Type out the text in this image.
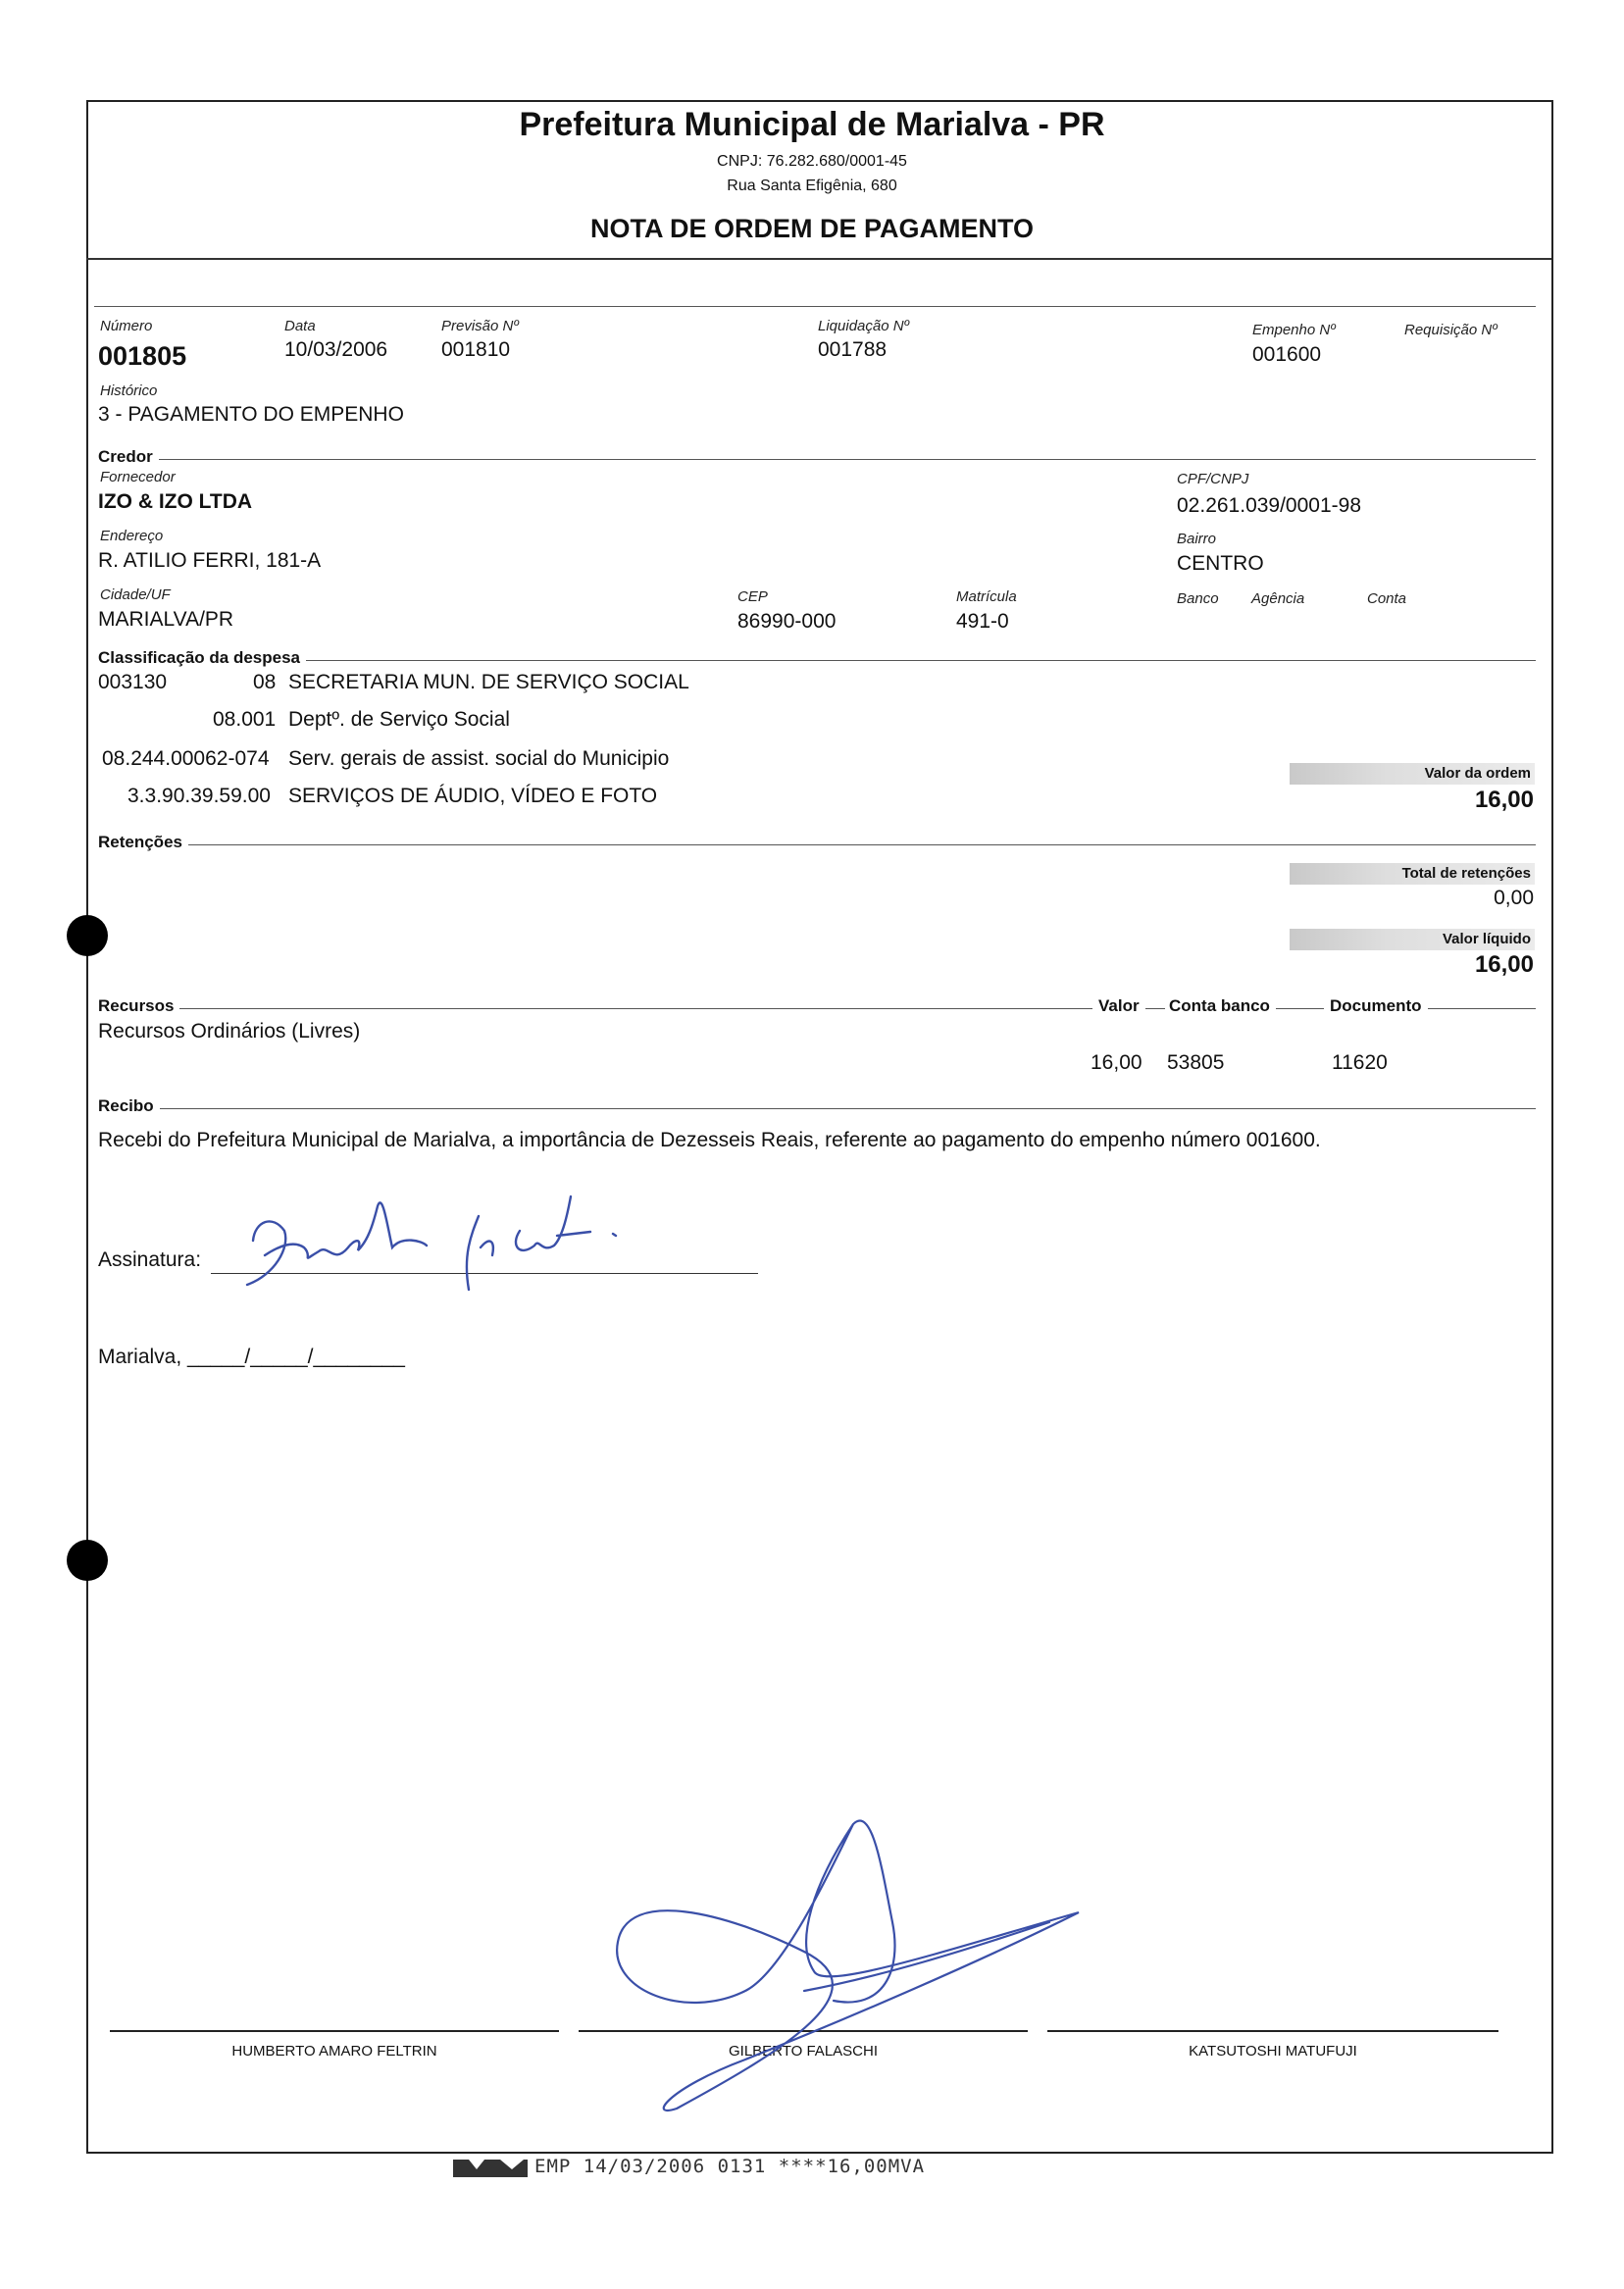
Prefeitura Municipal de Marialva - PR
CNPJ: 76.282.680/0001-45
Rua Santa Efigênia, 680
NOTA DE ORDEM DE PAGAMENTO
Número
001805
Data
10/03/2006
Previsão Nº
001810
Liquidação Nº
001788
Empenho Nº
001600
Requisição Nº
Histórico
3 - PAGAMENTO DO EMPENHO
Credor
Fornecedor
IZO & IZO LTDA
CPF/CNPJ
02.261.039/0001-98
Endereço
R. ATILIO FERRI, 181-A
Bairro
CENTRO
Cidade/UF
MARIALVA/PR
CEP
86990-000
Matrícula
491-0
Banco Agência	Conta
Classificação da despesa
003130	08 SECRETARIA MUN. DE SERVIÇO SOCIAL
08.001 Deptº. de Serviço Social
08.244.00062-074 Serv. gerais de assist. social do Municipio
3.3.90.39.59.00 SERVIÇOS DE ÁUDIO, VÍDEO E FOTO
Valor da ordem
16,00
Retenções
Total de retenções
0,00
Valor líquido
16,00
Recursos	Valor	Conta banco	Documento
Recursos Ordinários (Livres)
16,00 53805	11620
Recibo
Recebi do Prefeitura Municipal de Marialva, a importância de Dezesseis Reais, referente ao pagamento do empenho número 001600.
Assinatura:
Marialva, _____/_____/________
HUMBERTO AMARO FELTRIN	GILBERTO FALASCHI	KATSUTOSHI MATUFUJI
EMP 14/03/2006 0131 ****16,00MVA
